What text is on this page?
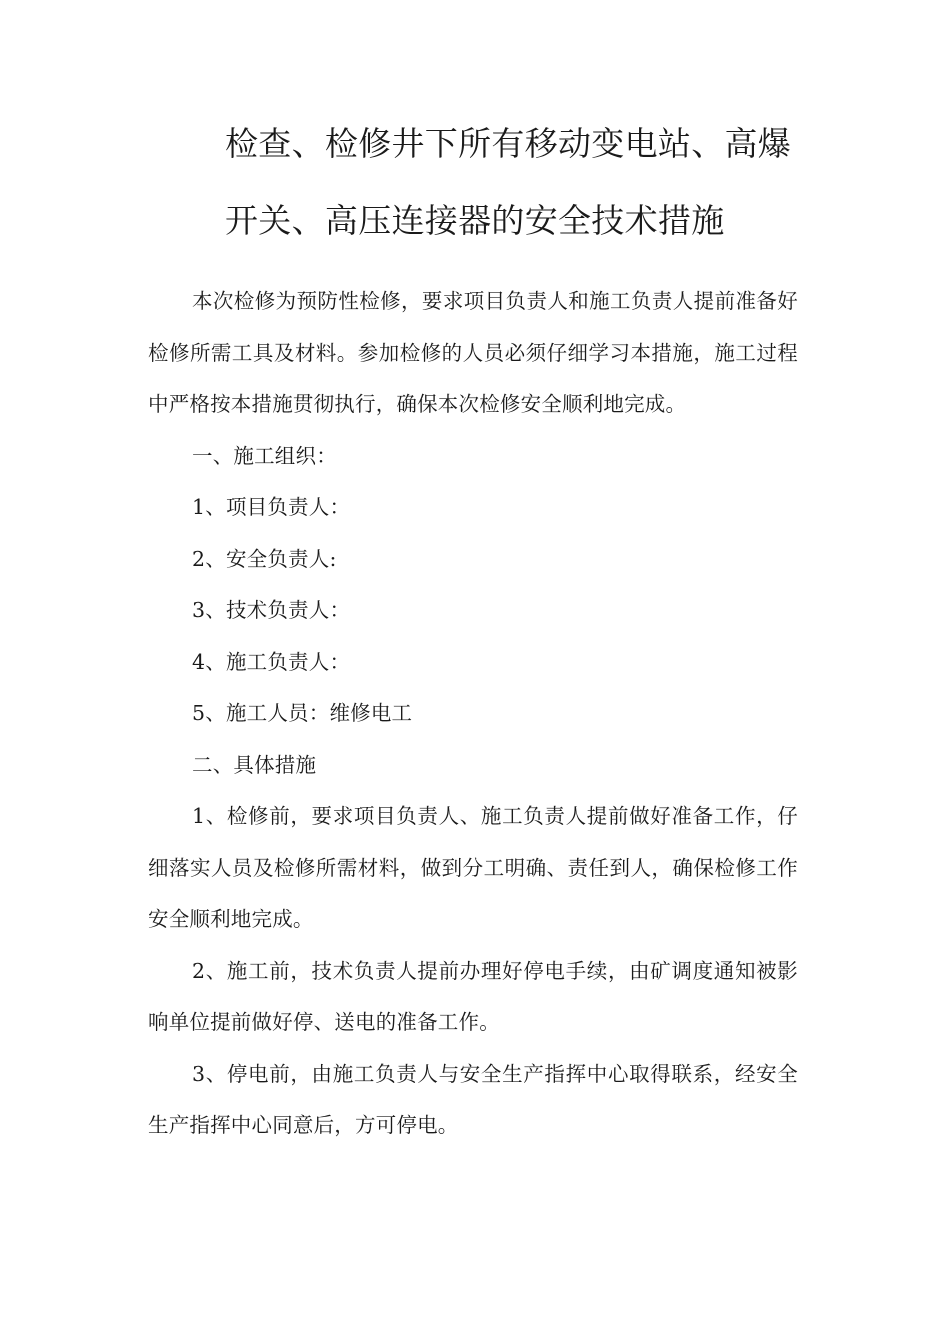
检查、检修井下所有移动变电站、高爆
开关、高压连接器的安全技术措施

本次检修为预防性检修，要求项目负责人和施工负责人提前准备好检修所需工具及材料。参加检修的人员必须仔细学习本措施，施工过程中严格按本措施贯彻执行，确保本次检修安全顺利地完成。

一、施工组织：

1、项目负责人：

2、安全负责人:

3、技术负责人：

4、施工负责人：

5、施工人员：维修电工

二、具体措施

1、检修前，要求项目负责人、施工负责人提前做好准备工作，仔细落实人员及检修所需材料，做到分工明确、责任到人，确保检修工作安全顺利地完成。

2、施工前，技术负责人提前办理好停电手续，由矿调度通知被影响单位提前做好停、送电的准备工作。

3、停电前，由施工负责人与安全生产指挥中心取得联系，经安全生产指挥中心同意后，方可停电。
